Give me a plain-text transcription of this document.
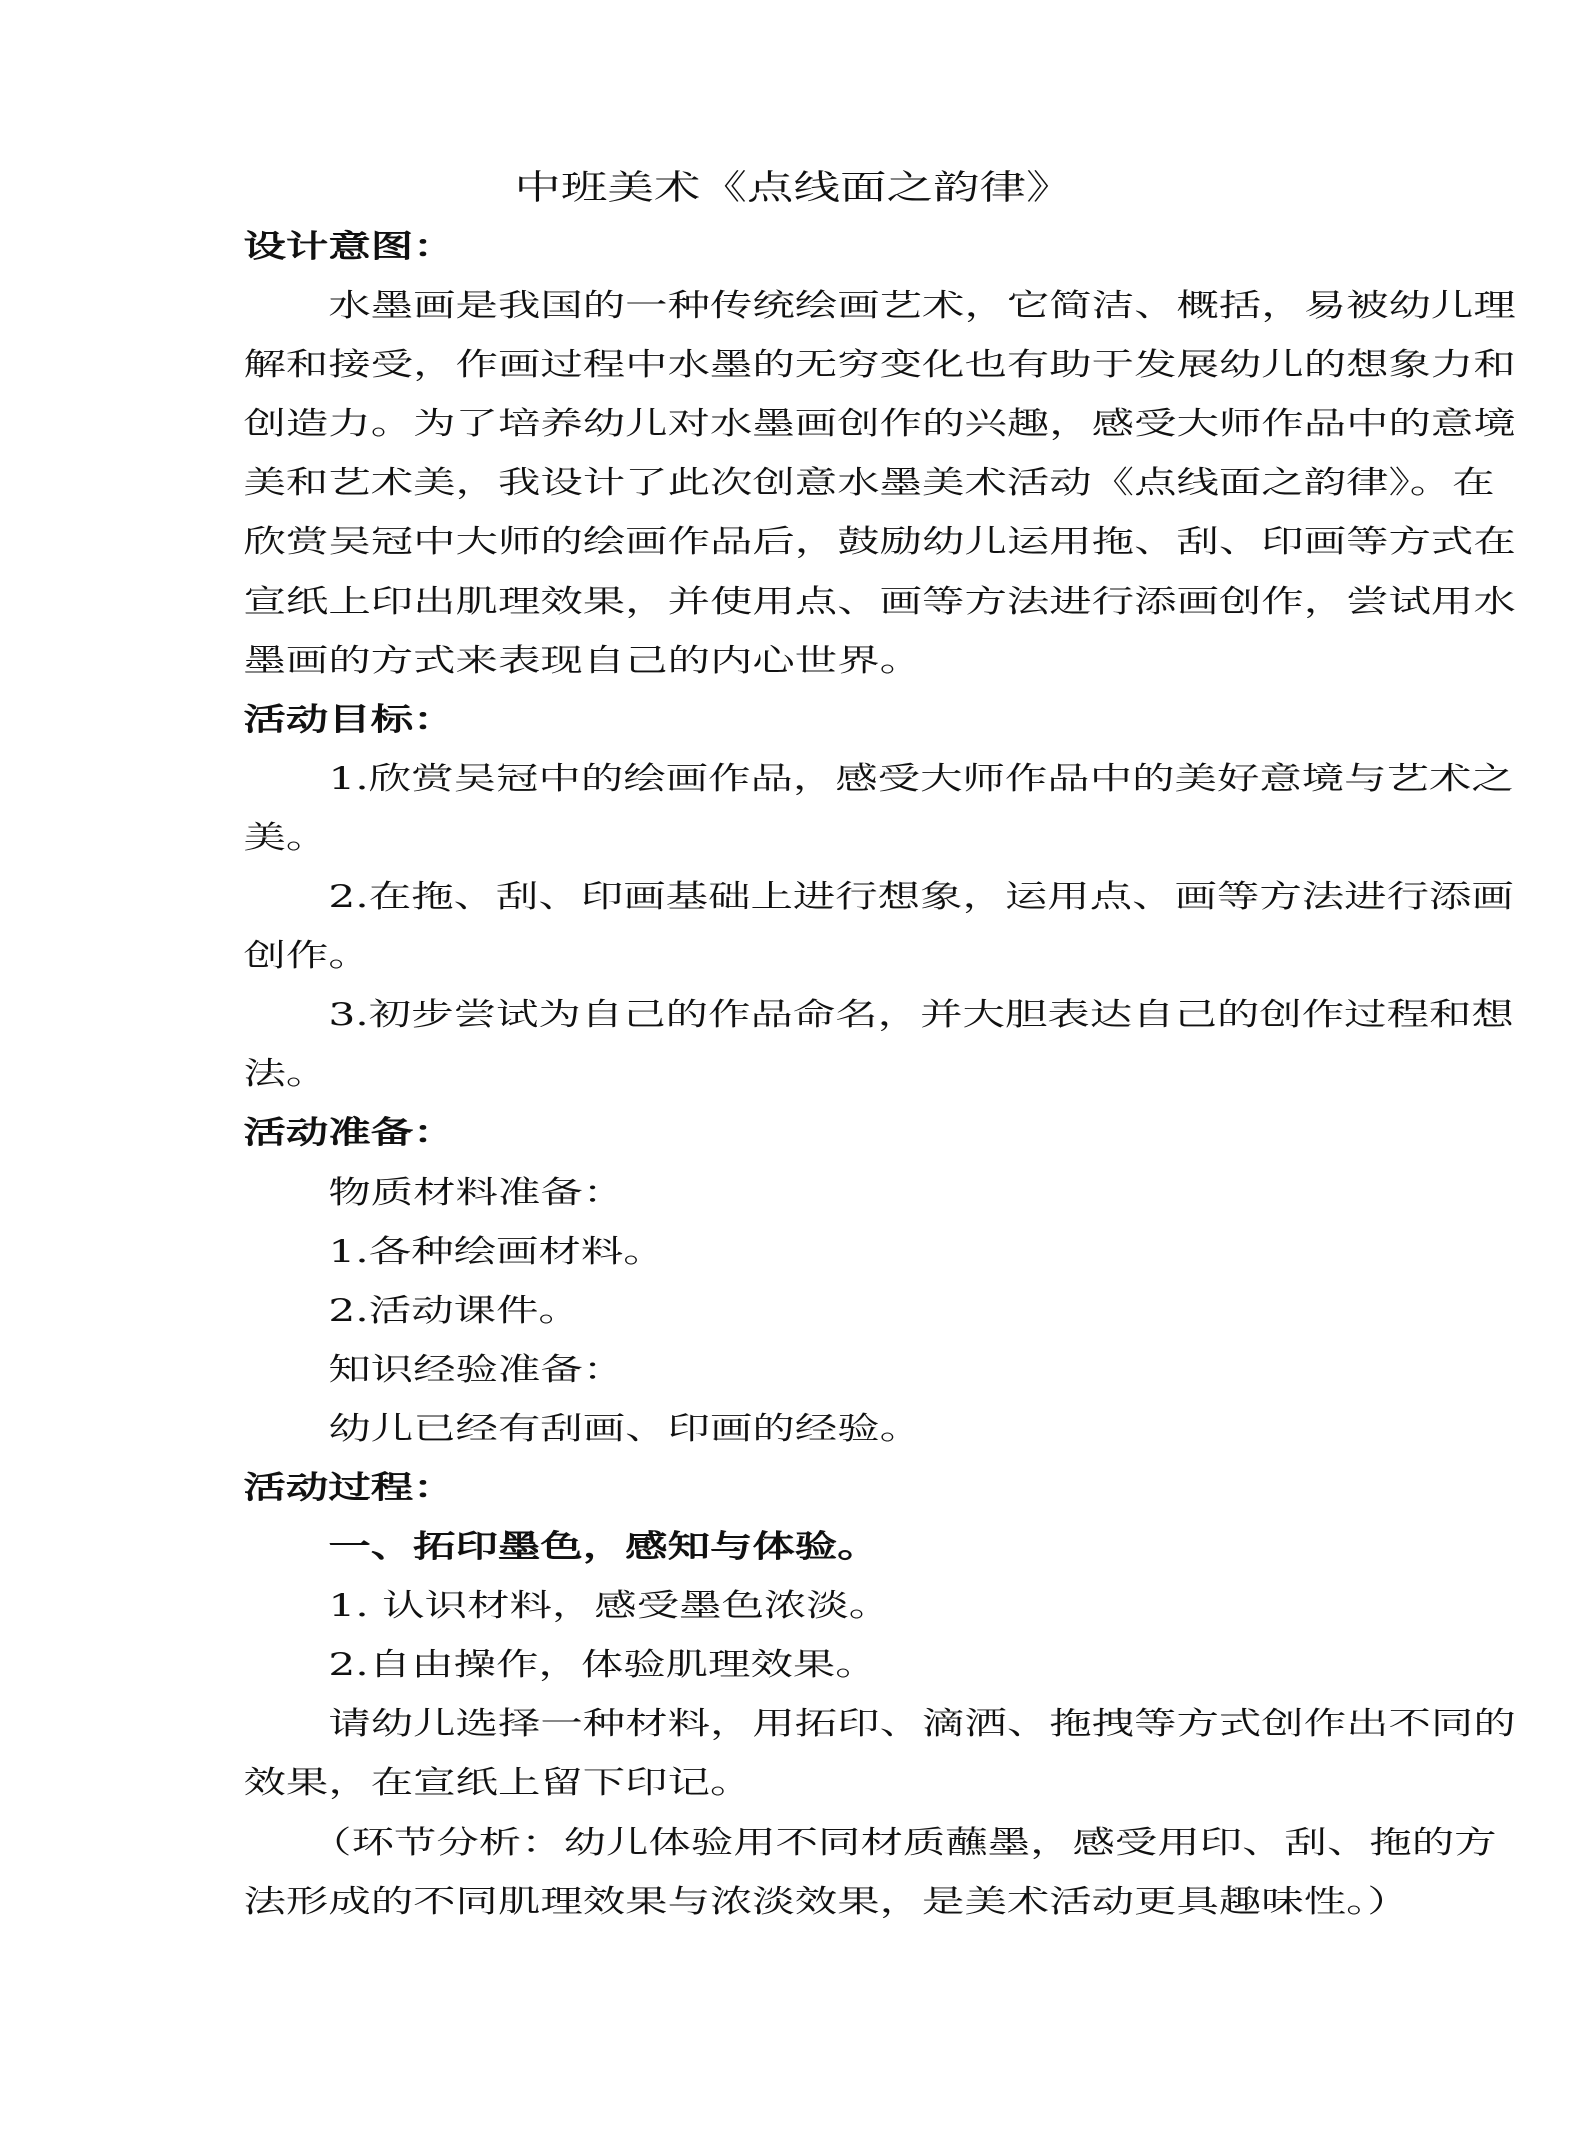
中班美术《点线面之韵律》
设计意图：
水墨画是我国的一种传统绘画艺术，它简洁、概括，易被幼儿理
解和接受，作画过程中水墨的无穷变化也有助于发展幼儿的想象力和
创造力。为了培养幼儿对水墨画创作的兴趣，感受大师作品中的意境
美和艺术美，我设计了此次创意水墨美术活动《点线面之韵律》。在
欣赏吴冠中大师的绘画作品后，鼓励幼儿运用拖、刮、印画等方式在
宣纸上印出肌理效果，并使用点、画等方法进行添画创作，尝试用水
墨画的方式来表现自己的内心世界。
活动目标：
1.欣赏吴冠中的绘画作品，感受大师作品中的美好意境与艺术之
美。
2.在拖、刮、印画基础上进行想象，运用点、画等方法进行添画
创作。
3.初步尝试为自己的作品命名，并大胆表达自己的创作过程和想
法。
活动准备：
物质材料准备：
1.各种绘画材料。
2.活动课件。
知识经验准备：
幼儿已经有刮画、印画的经验。
活动过程：
一、拓印墨色，感知与体验。
1. 认识材料，感受墨色浓淡。
2.自由操作，体验肌理效果。
请幼儿选择一种材料，用拓印、滴洒、拖拽等方式创作出不同的
效果，在宣纸上留下印记。
（环节分析：幼儿体验用不同材质蘸墨，感受用印、刮、拖的方
法形成的不同肌理效果与浓淡效果，是美术活动更具趣味性。）
